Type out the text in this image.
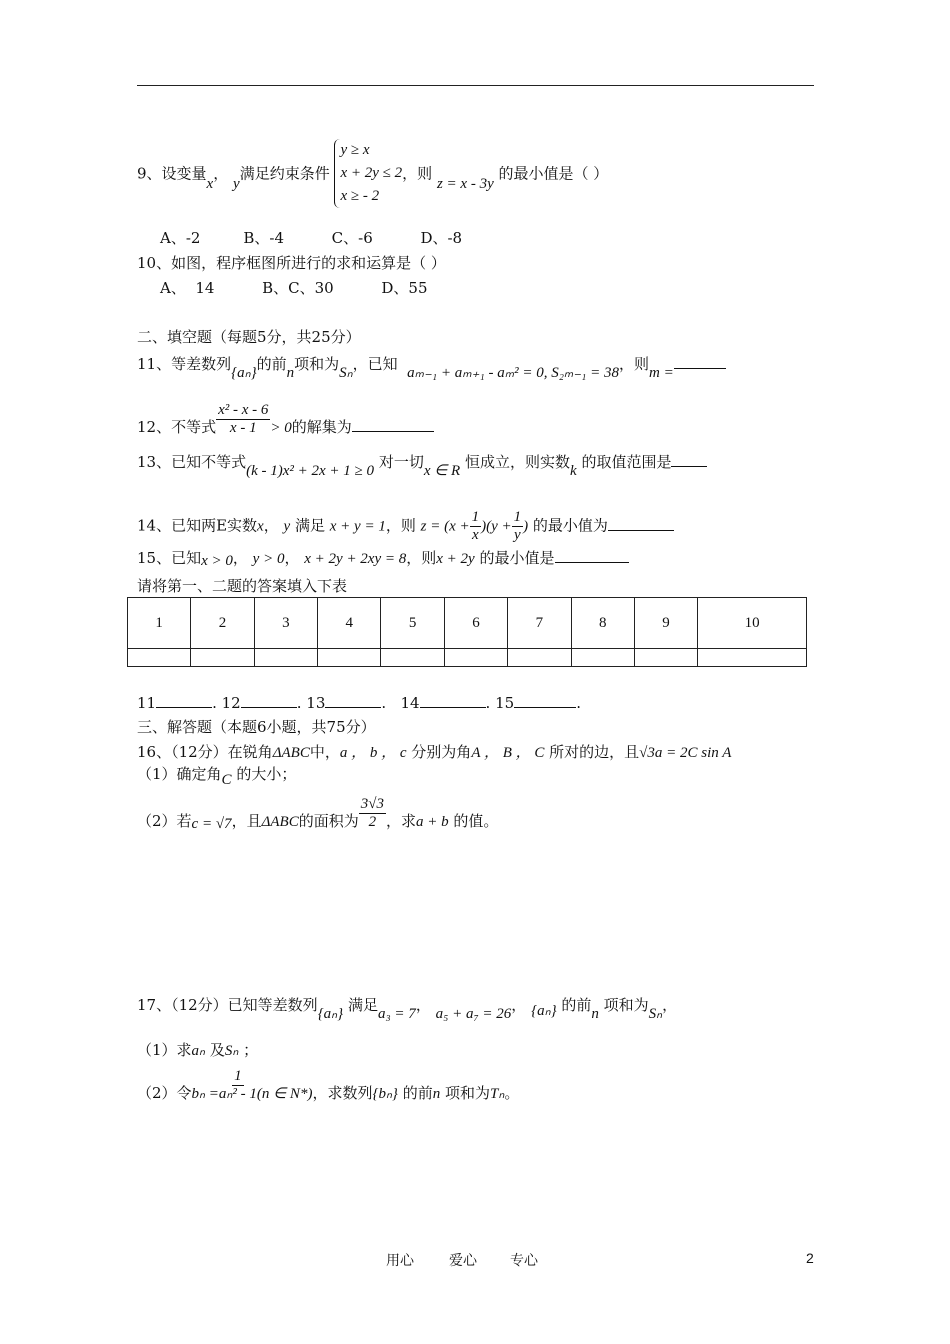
9、设变量x， y满足约束条件
y ≥ x
x + 2y ≤ 2
x ≥ - 2
，则 z = x - 3y 的最小值是（ ）
A、-2         B、-4          C、-6          D、-8
10、如图，程序框图所进行的求和运算是（ ）
A、  14          B、C、30          D、55
二、填空题（每题5分，共25分）
11、等差数列{aₙ}的前n项和为Sₙ，已知 aₘ₋₁ + aₘ₊₁ - aₘ² = 0, S₂ₘ₋₁ = 38，则m =
12、不等式 $\frac{\text{x² - x - 6}}{x - 1} > 0$的解集为
13、已知不等式(k - 1)x² + 2x + 1 ≥ 0 对一切x ∈ R 恒成立，则实数k 的取值范围是
14、已知两E实数x， y 满足 x + y = 1，则 $z = (x + \frac{1}{x} )(y + \frac{1}{y}$ ) 的最小值为
15、已知x > 0， y > 0， x + 2y + 2xy = 8，则x + 2y 的最小值是
请将第一、二题的答案填入下表
1	2	3	4	5	6	7	8	9	10

11	. 12	. 13	.   14	. 15	.
三、解答题（本题6小题，共75分）
16、（12分）在锐角ΔABC中，a ， b ， c 分别为角A ， B ， C 所对的边，且√3a = 2C sin A
（1）确定角C 的大小；
（2）若c = √7，且ΔABC的面积为 $\frac{3√3}{2}$ ，求a + b 的值。
17、（12分）已知等差数列{aₙ} 满足a₃ = 7， a₅ + a₇ = 26， {aₙ} 的前n 项和为Sₙ，
（1）求aₙ 及Sₙ ；
（2）令$b_n = \frac{1}{\text{aₙ² - 1}} (n$ ∈ N*)，求数列{bₙ} 的前n 项和为Tₙ。
用心	爱心 专心	2
